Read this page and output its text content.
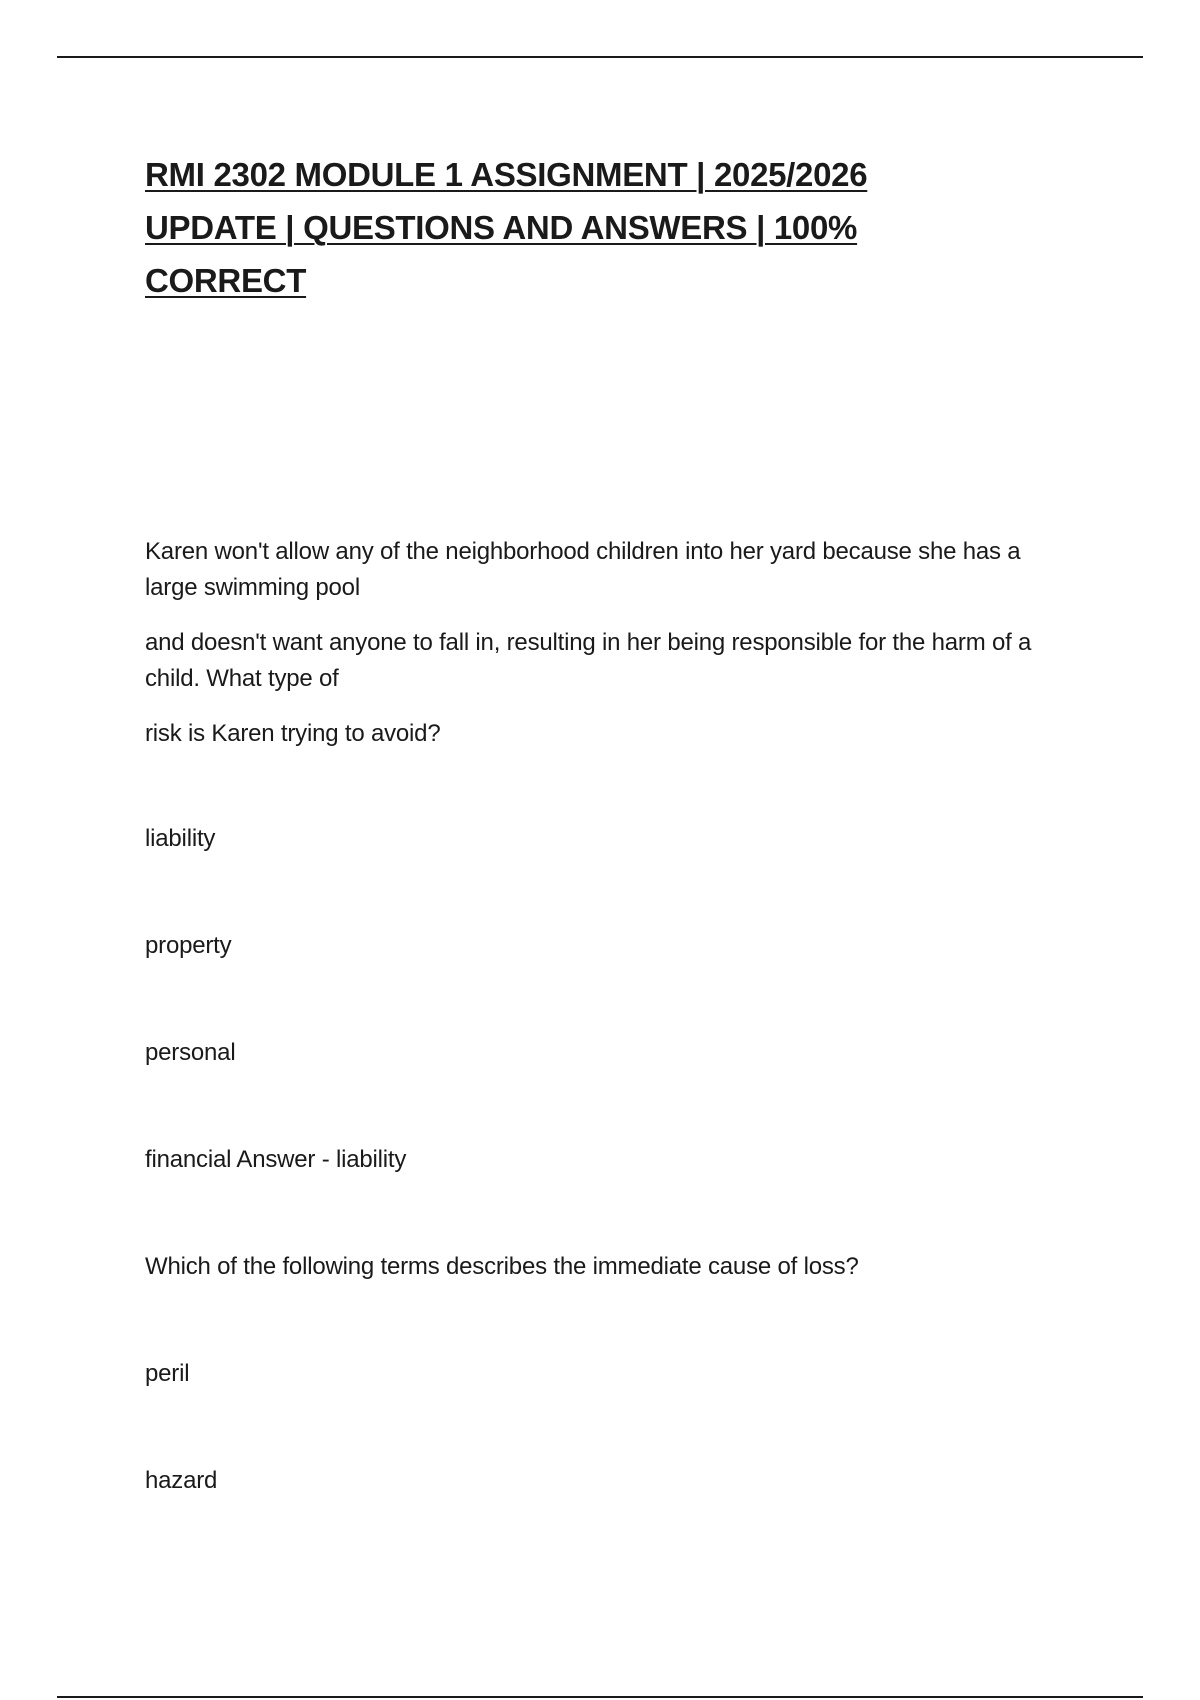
RMI 2302 MODULE 1 ASSIGNMENT | 2025/2026 UPDATE | QUESTIONS AND ANSWERS | 100% CORRECT

Karen won't allow any of the neighborhood children into her yard because she has a large swimming pool

and doesn't want anyone to fall in, resulting in her being responsible for the harm of a child. What type of

risk is Karen trying to avoid?

liability

property

personal

financial Answer - liability

Which of the following terms describes the immediate cause of loss?

peril

hazard
